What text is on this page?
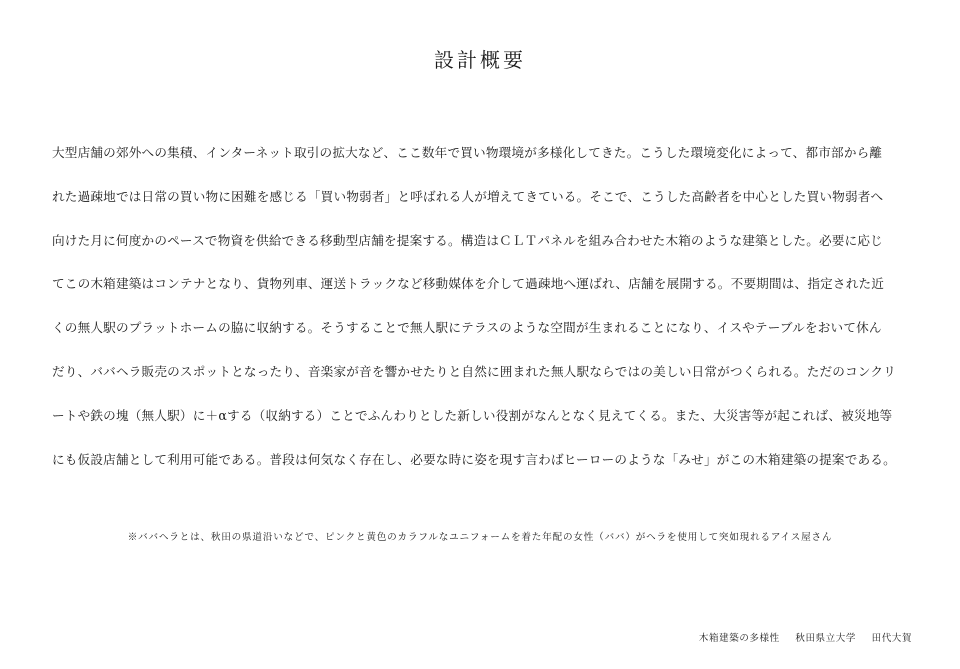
設計概要

大型店舗の郊外への集積、インターネット取引の拡大など、ここ数年で買い物環境が多様化してきた。こうした環境変化によって、都市部から離

れた過疎地では日常の買い物に困難を感じる「買い物弱者」と呼ばれる人が増えてきている。そこで、こうした高齢者を中心とした買い物弱者へ

向けた月に何度かのペースで物資を供給できる移動型店舗を提案する。構造はＣＬＴパネルを組み合わせた木箱のような建築とした。必要に応じ

てこの木箱建築はコンテナとなり、貨物列車、運送トラックなど移動媒体を介して過疎地へ運ばれ、店舗を展開する。不要期間は、指定された近

くの無人駅のプラットホームの脇に収納する。そうすることで無人駅にテラスのような空間が生まれることになり、イスやテーブルをおいて休ん

だり、ババヘラ販売のスポットとなったり、音楽家が音を響かせたりと自然に囲まれた無人駅ならではの美しい日常がつくられる。ただのコンクリ

ートや鉄の塊（無人駅）に＋αする（収納する）ことでふんわりとした新しい役割がなんとなく見えてくる。また、大災害等が起これば、被災地等

にも仮設店舗として利用可能である。普段は何気なく存在し、必要な時に姿を現す言わばヒーローのような「みせ」がこの木箱建築の提案である。

※ババヘラとは、秋田の県道沿いなどで、ピンクと黄色のカラフルなユニフォームを着た年配の女性（ババ）がヘラを使用して突如現れるアイス屋さん
木箱建築の多様性 秋田県立大学 田代大賀
